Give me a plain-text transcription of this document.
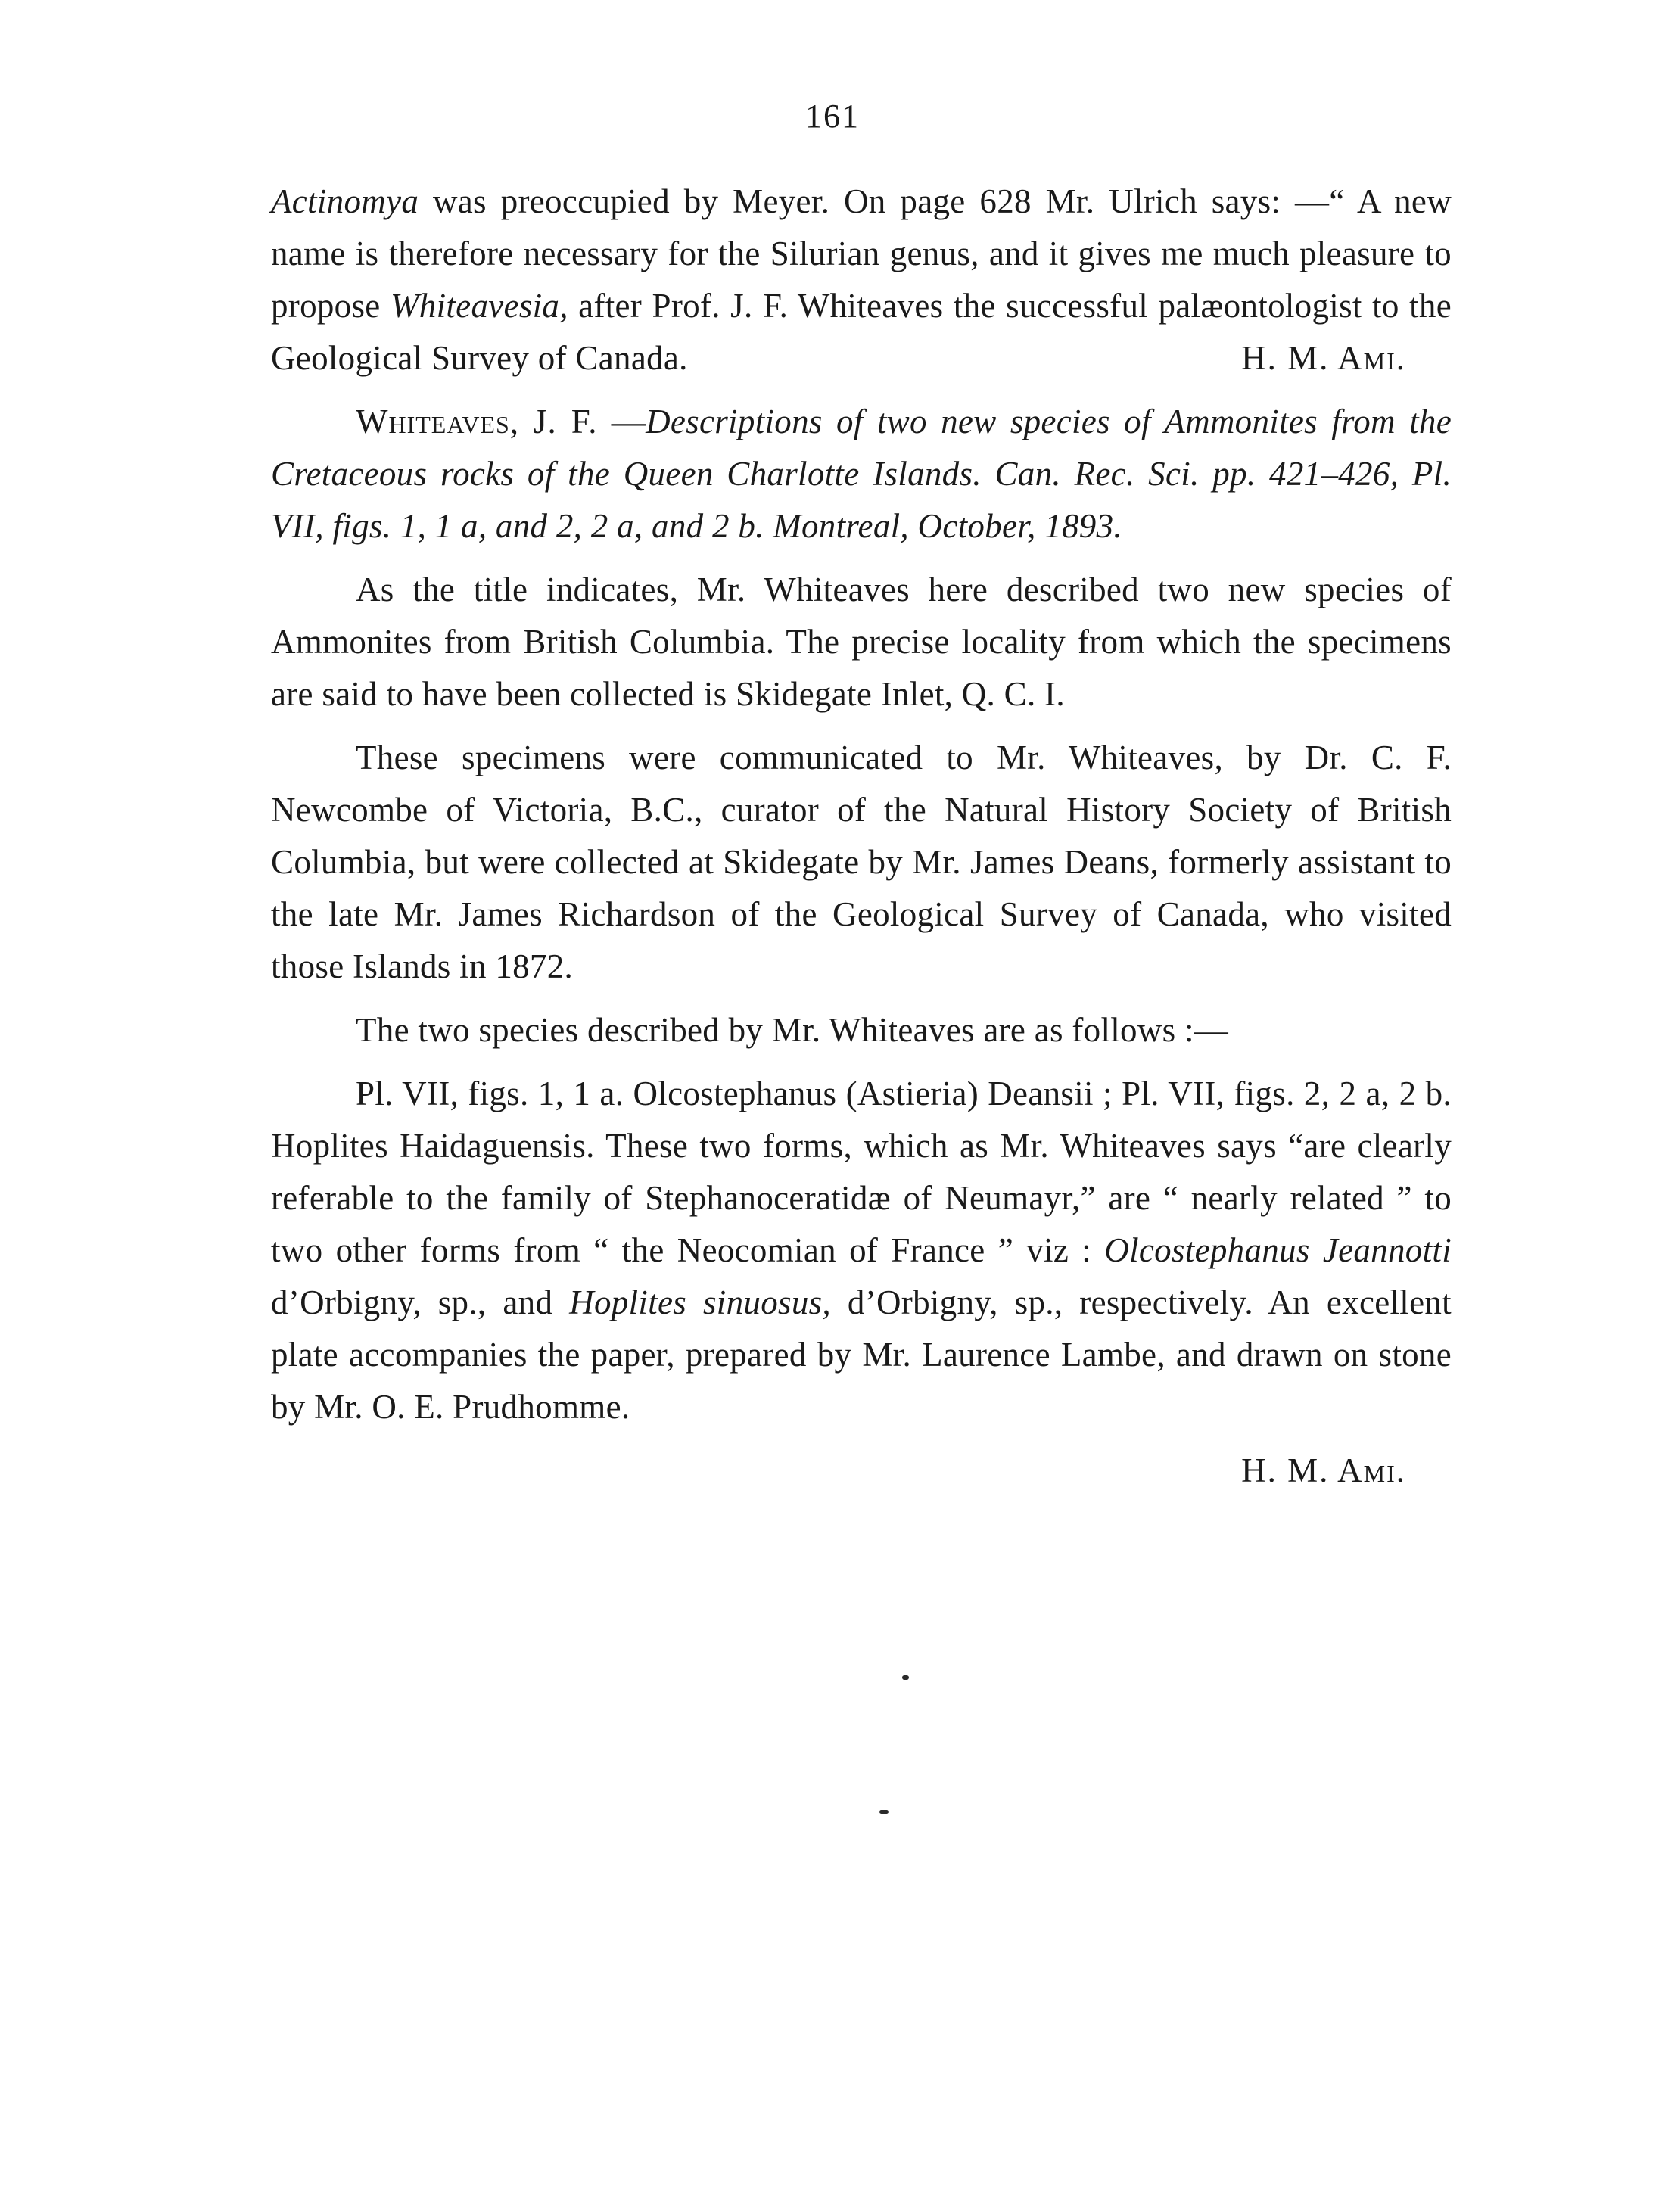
161

Actinomya was preoccupied by Meyer. On page 628 Mr. Ulrich says: —“ A new name is therefore necessary for the Silurian genus, and it gives me much pleasure to propose Whiteavesia, after Prof. J. F. Whiteaves the successful palæontologist to the Geological Survey of Canada.	H. M. Ami.

Whiteaves, J. F. —Descriptions of two new species of Ammonites from the Cretaceous rocks of the Queen Charlotte Islands. Can. Rec. Sci. pp. 421–426, Pl. VII, figs. 1, 1 a, and 2, 2 a, and 2 b. Montreal, October, 1893.

As the title indicates, Mr. Whiteaves here described two new species of Ammonites from British Columbia. The precise locality from which the specimens are said to have been collected is Skidegate Inlet, Q. C. I.

These specimens were communicated to Mr. Whiteaves, by Dr. C. F. Newcombe of Victoria, B.C., curator of the Natural History Society of British Columbia, but were collected at Skidegate by Mr. James Deans, formerly assistant to the late Mr. James Richardson of the Geological Survey of Canada, who visited those Islands in 1872.

The two species described by Mr. Whiteaves are as follows :—

Pl. VII, figs. 1, 1 a. Olcostephanus (Astieria) Deansii ; Pl. VII, figs. 2, 2 a, 2 b. Hoplites Haidaguensis. These two forms, which as Mr. Whiteaves says “are clearly referable to the family of Stephanoceratidæ of Neumayr,” are “ nearly related ” to two other forms from “ the Neocomian of France ” viz : Olcostephanus Jeannotti d’Orbigny, sp., and Hoplites sinuosus, d’Orbigny, sp., respectively. An excellent plate accompanies the paper, prepared by Mr. Laurence Lambe, and drawn on stone by Mr. O. E. Prudhomme.

H. M. Ami.
